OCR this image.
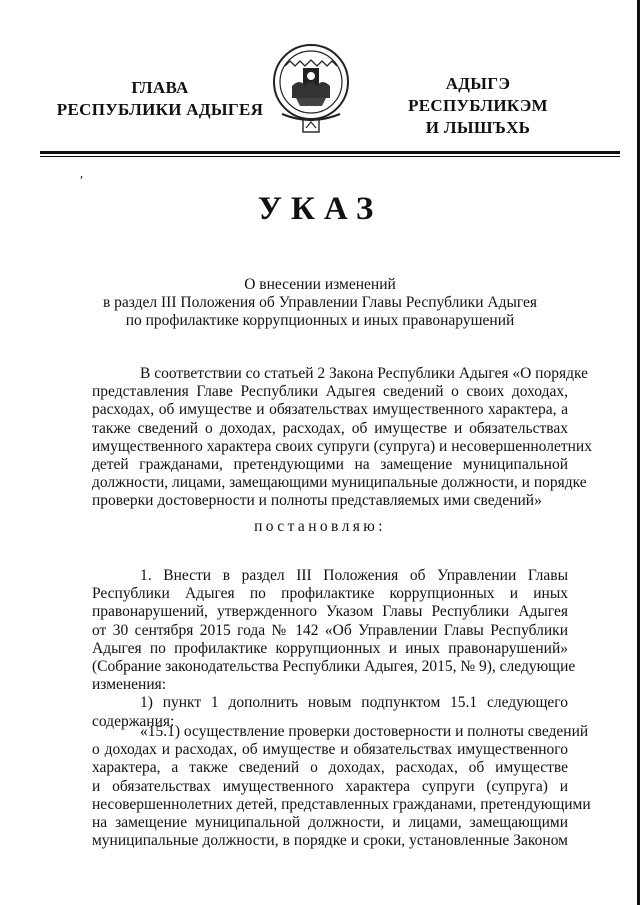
ГЛАВА
РЕСПУБЛИКИ АДЫГЕЯ
АДЫГЭ РЕСПУБЛИКЭМ
И ЛЫШЪХЬ
′
УКАЗ
О внесении изменений
в раздел III Положения об Управлении Главы Республики Адыгея
по профилактике коррупционных и иных правонарушений
В соответствии со статьей 2 Закона Республики Адыгея «О порядке
представления Главе Республики Адыгея сведений о своих доходах,
расходах, об имуществе и обязательствах имущественного характера, а
также сведений о доходах, расходах, об имуществе и обязательствах
имущественного характера своих супруги (супруга) и несовершеннолетних
детей гражданами, претендующими на замещение муниципальной
должности, лицами, замещающими муниципальные должности, и порядке
проверки достоверности и полноты представляемых ими сведений»
постановляю:
1. Внести в раздел III Положения об Управлении Главы
Республики Адыгея по профилактике коррупционных и иных
правонарушений, утвержденного Указом Главы Республики Адыгея
от 30 сентября 2015 года № 142 «Об Управлении Главы Республики
Адыгея по профилактике коррупционных и иных правонарушений»
(Собрание законодательства Республики Адыгея, 2015, № 9), следующие
изменения:
1) пункт 1 дополнить новым подпунктом 15.1 следующего
содержания:
«15.1) осуществление проверки достоверности и полноты сведений
о доходах и расходах, об имуществе и обязательствах имущественного
характера, а также сведений о доходах, расходах, об имуществе
и обязательствах имущественного характера супруги (супруга) и
несовершеннолетних детей, представленных гражданами, претендующими
на замещение муниципальной должности, и лицами, замещающими
муниципальные должности, в порядке и сроки, установленные Законом
